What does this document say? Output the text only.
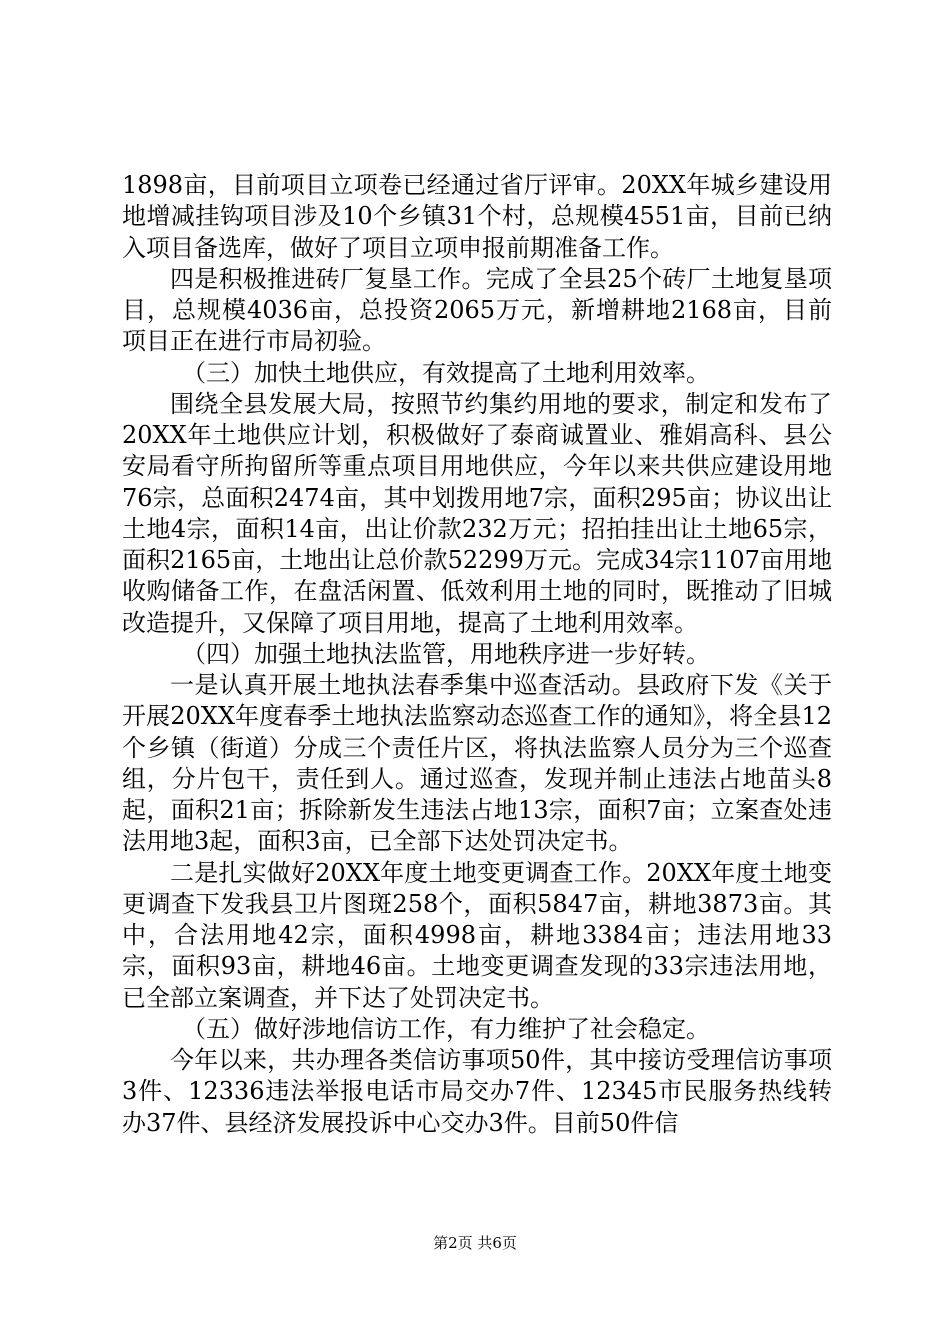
1898亩，目前项目立项卷已经通过省厅评审。20XX年城乡建设用地增减挂钩项目涉及10个乡镇31个村，总规模4551亩，目前已纳入项目备选库，做好了项目立项申报前期准备工作。

四是积极推进砖厂复垦工作。完成了全县25个砖厂土地复垦项目，总规模4036亩，总投资2065万元，新增耕地2168亩，目前项目正在进行市局初验。

（三）加快土地供应，有效提高了土地利用效率。

围绕全县发展大局，按照节约集约用地的要求，制定和发布了20XX年土地供应计划，积极做好了泰商诚置业、雅娟高科、县公安局看守所拘留所等重点项目用地供应，今年以来共供应建设用地76宗，总面积2474亩，其中划拨用地7宗，面积295亩；协议出让土地4宗，面积14亩，出让价款232万元；招拍挂出让土地65宗，面积2165亩，土地出让总价款52299万元。完成34宗1107亩用地收购储备工作，在盘活闲置、低效利用土地的同时，既推动了旧城改造提升，又保障了项目用地，提高了土地利用效率。

（四）加强土地执法监管，用地秩序进一步好转。

一是认真开展土地执法春季集中巡查活动。县政府下发《关于开展20XX年度春季土地执法监察动态巡查工作的通知》，将全县12个乡镇（街道）分成三个责任片区，将执法监察人员分为三个巡查组，分片包干，责任到人。通过巡查，发现并制止违法占地苗头8起，面积21亩；拆除新发生违法占地13宗，面积7亩；立案查处违法用地3起，面积3亩，已全部下达处罚决定书。

二是扎实做好20XX年度土地变更调查工作。20XX年度土地变更调查下发我县卫片图斑258个，面积5847亩，耕地3873亩。其中，合法用地42宗，面积4998亩，耕地3384亩；违法用地33宗，面积93亩，耕地46亩。土地变更调查发现的33宗违法用地，已全部立案调查，并下达了处罚决定书。

（五）做好涉地信访工作，有力维护了社会稳定。

今年以来，共办理各类信访事项50件，其中接访受理信访事项3件、12336违法举报电话市局交办7件、12345市民服务热线转办37件、县经济发展投诉中心交办3件。目前50件信

第2页 共6页
